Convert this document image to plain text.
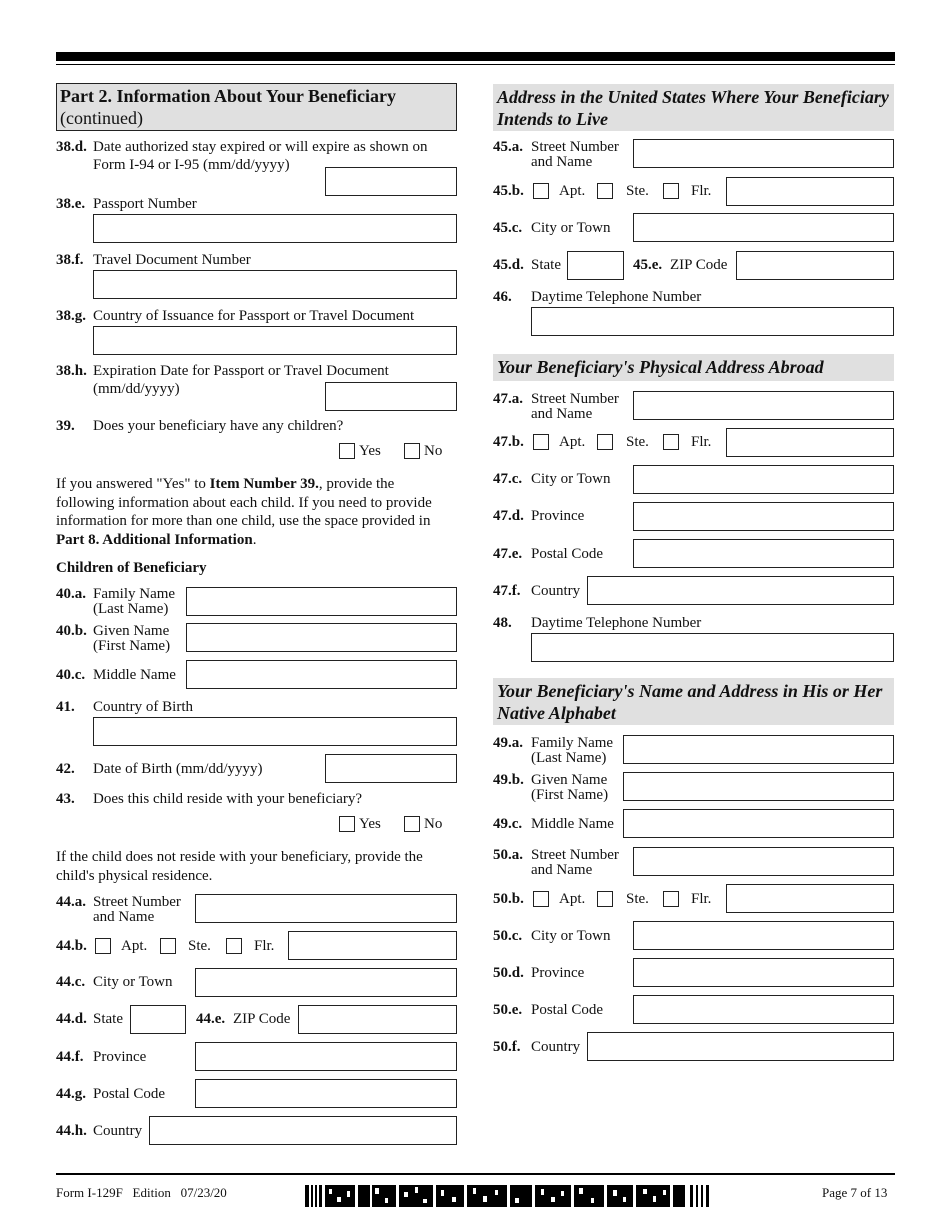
Part 2. Information About Your Beneficiary
(continued)
38.d. Date authorized stay expired or will expire as shown on
Form I-94 or I-95 (mm/dd/yyyy)
38.e. Passport Number
38.f. Travel Document Number
38.g. Country of Issuance for Passport or Travel Document
38.h. Expiration Date for Passport or Travel Document
(mm/dd/yyyy)
39. Does your beneficiary have any children?
Yes	No

If you answered "Yes" to Item Number 39., provide the following information about each child. If you need to provide information for more than one child, use the space provided in Part 8. Additional Information.

Children of Beneficiary
40.a. Family Name
(Last Name)
40.b. Given Name
(First Name)
40.c. Middle Name
41. Country of Birth
42. Date of Birth (mm/dd/yyyy)
43. Does this child reside with your beneficiary?
Yes	No

If the child does not reside with your beneficiary, provide the child's physical residence.

44.a. Street Number
and Name
44.b. Apt.	Ste.	Flr.
44.c. City or Town
44.d. State	44.e. ZIP Code
44.f. Province
44.g. Postal Code
44.h. Country
Address in the United States Where Your Beneficiary Intends to Live
45.a. Street Number
and Name
45.b. Apt.	Ste.	Flr.
45.c. City or Town
45.d. State	45.e. ZIP Code
46. Daytime Telephone Number
Your Beneficiary's Physical Address Abroad
47.a. Street Number
and Name
47.b. Apt.	Ste.	Flr.
47.c. City or Town
47.d. Province
47.e. Postal Code
47.f. Country
48. Daytime Telephone Number
Your Beneficiary's Name and Address in His or Her Native Alphabet
49.a. Family Name
(Last Name)
49.b. Given Name
(First Name)
49.c. Middle Name
50.a. Street Number
and Name
50.b. Apt.	Ste.	Flr.
50.c. City or Town
50.d. Province
50.e. Postal Code
50.f. Country
Form I-129F   Edition   07/23/20	Page 7 of 13
